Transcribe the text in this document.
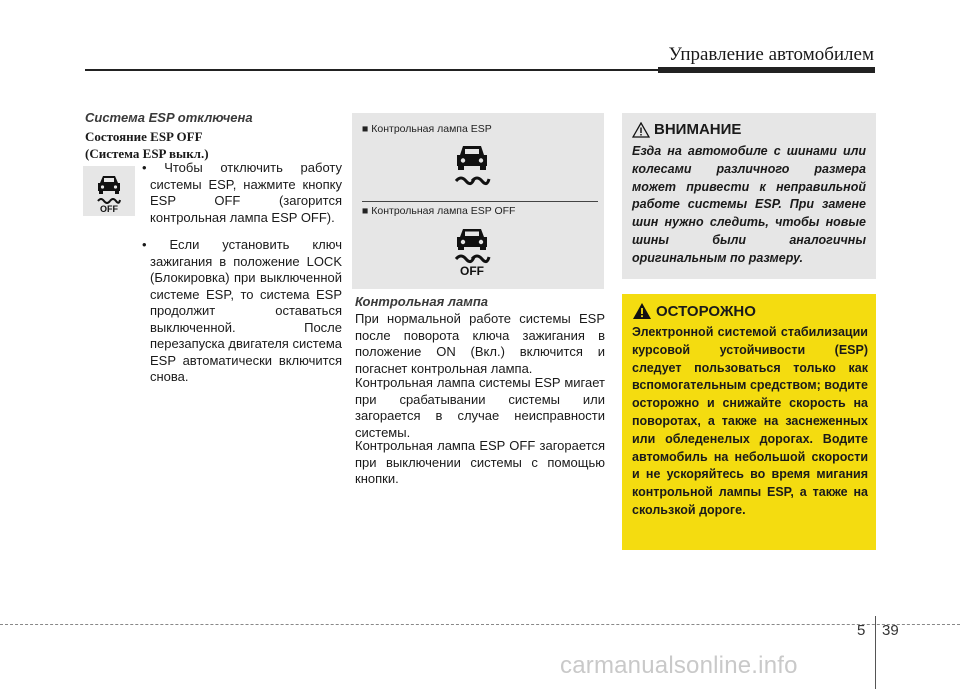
Управление автомобилем
Система ESP отключена
Состояние ESP OFF
(Система ESP выкл.)
OFF
• Чтобы отключить работу системы ESP, нажмите кнопку ESP OFF (загорится контрольная лампа ESP OFF).
• Если установить ключ зажигания в положение LOCK (Блокировка) при выключенной системе ESP, то система ESP продолжит оставаться выключенной. После перезапуска двигателя система ESP автоматически включится снова.
■ Контрольная лампа ESP
■ Контрольная лампа ESP OFF
OFF
Контрольная лампа
При нормальной работе системы ESP после поворота ключа зажигания в положение ON (Вкл.) включится и погаснет контрольная лампа.
Контрольная лампа системы ESP мигает при срабатывании системы или загорается в случае неисправности системы.
Контрольная лампа ESP OFF загорается при выключении системы с помощью кнопки.
ВНИМАНИЕ
Езда на автомобиле с шинами или колесами различного размера может привести к неправильной работе системы ESP. При замене шин нужно следить, чтобы новые шины были аналогичны оригинальным по размеру.
ОСТОРОЖНО
Электронной системой стабилизации курсовой устойчивости (ESP) следует пользоваться только как вспомогательным средством; водите осторожно и снижайте скорость на поворотах, а также на заснеженных или обледенелых дорогах. Водите автомобиль на небольшой скорости и не ускоряйтесь во время мигания контрольной лампы ESP, а также на скользкой дороге.
5 39
carmanualsonline.info
